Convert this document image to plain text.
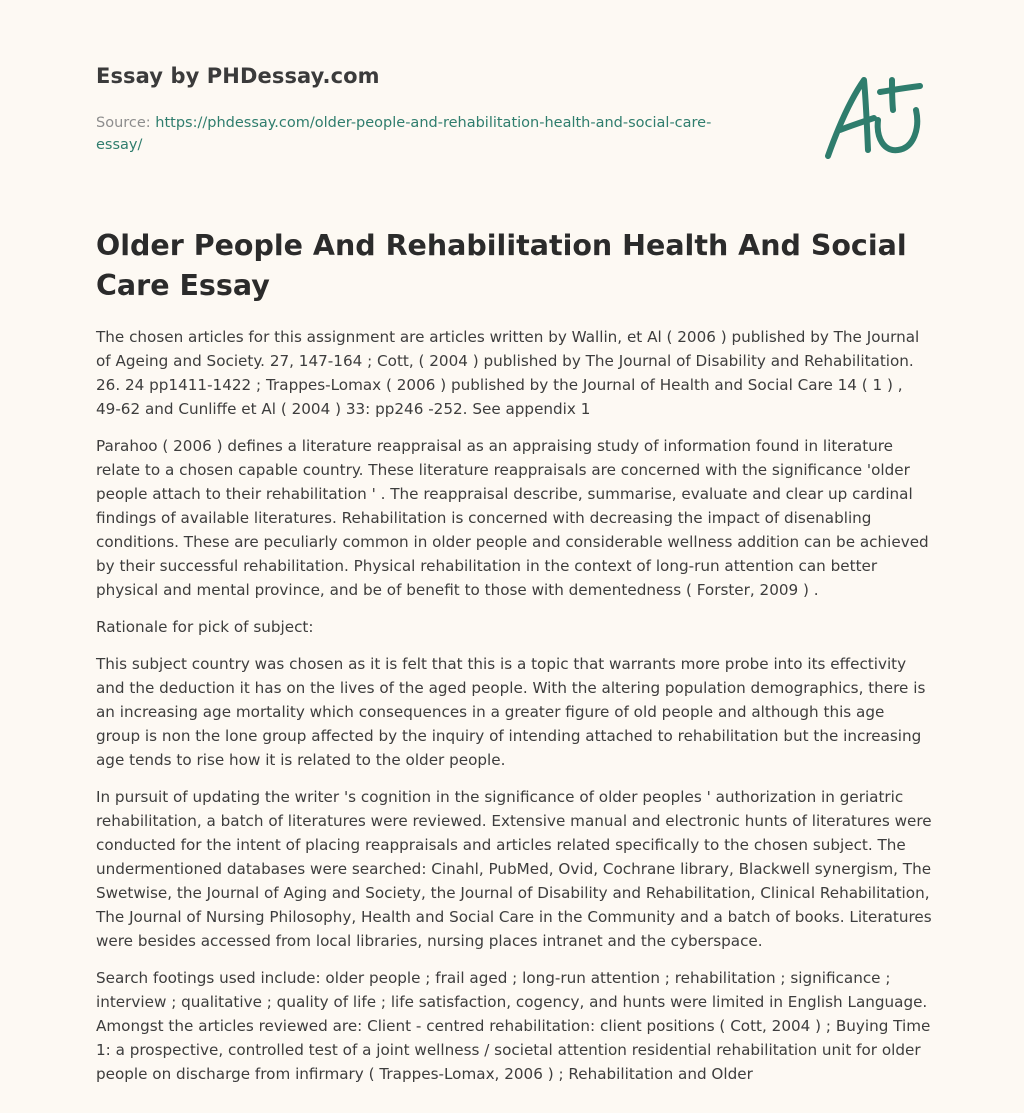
Essay by PHDessay.com
Source: https://phdessay.com/older-people-and-rehabilitation-health-and-social-care-essay/
Older People And Rehabilitation Health And Social Care Essay

The chosen articles for this assignment are articles written by Wallin, et Al ( 2006 ) published by The Journal of Ageing and Society. 27, 147-164 ; Cott, ( 2004 ) published by The Journal of Disability and Rehabilitation. 26. 24 pp1411-1422 ; Trappes-Lomax ( 2006 ) published by the Journal of Health and Social Care 14 ( 1 ) , 49-62 and Cunliffe et Al ( 2004 ) 33: pp246 -252. See appendix 1

Parahoo ( 2006 ) defines a literature reappraisal as an appraising study of information found in literature relate to a chosen capable country. These literature reappraisals are concerned with the significance 'older people attach to their rehabilitation ' . The reappraisal describe, summarise, evaluate and clear up cardinal findings of available literatures. Rehabilitation is concerned with decreasing the impact of disenabling conditions. These are peculiarly common in older people and considerable wellness addition can be achieved by their successful rehabilitation. Physical rehabilitation in the context of long-run attention can better physical and mental province, and be of benefit to those with dementedness ( Forster, 2009 ) .

Rationale for pick of subject:

This subject country was chosen as it is felt that this is a topic that warrants more probe into its effectivity and the deduction it has on the lives of the aged people. With the altering population demographics, there is an increasing age mortality which consequences in a greater figure of old people and although this age group is non the lone group affected by the inquiry of intending attached to rehabilitation but the increasing age tends to rise how it is related to the older people.

In pursuit of updating the writer 's cognition in the significance of older peoples ' authorization in geriatric rehabilitation, a batch of literatures were reviewed. Extensive manual and electronic hunts of literatures were conducted for the intent of placing reappraisals and articles related specifically to the chosen subject. The undermentioned databases were searched: Cinahl, PubMed, Ovid, Cochrane library, Blackwell synergism, The Swetwise, the Journal of Aging and Society, the Journal of Disability and Rehabilitation, Clinical Rehabilitation, The Journal of Nursing Philosophy, Health and Social Care in the Community and a batch of books. Literatures were besides accessed from local libraries, nursing places intranet and the cyberspace.

Search footings used include: older people ; frail aged ; long-run attention ; rehabilitation ; significance ; interview ; qualitative ; quality of life ; life satisfaction, cogency, and hunts were limited in English Language. Amongst the articles reviewed are: Client - centred rehabilitation: client positions ( Cott, 2004 ) ; Buying Time 1: a prospective, controlled test of a joint wellness / societal attention residential rehabilitation unit for older people on discharge from infirmary ( Trappes-Lomax, 2006 ) ; Rehabilitation and Older
